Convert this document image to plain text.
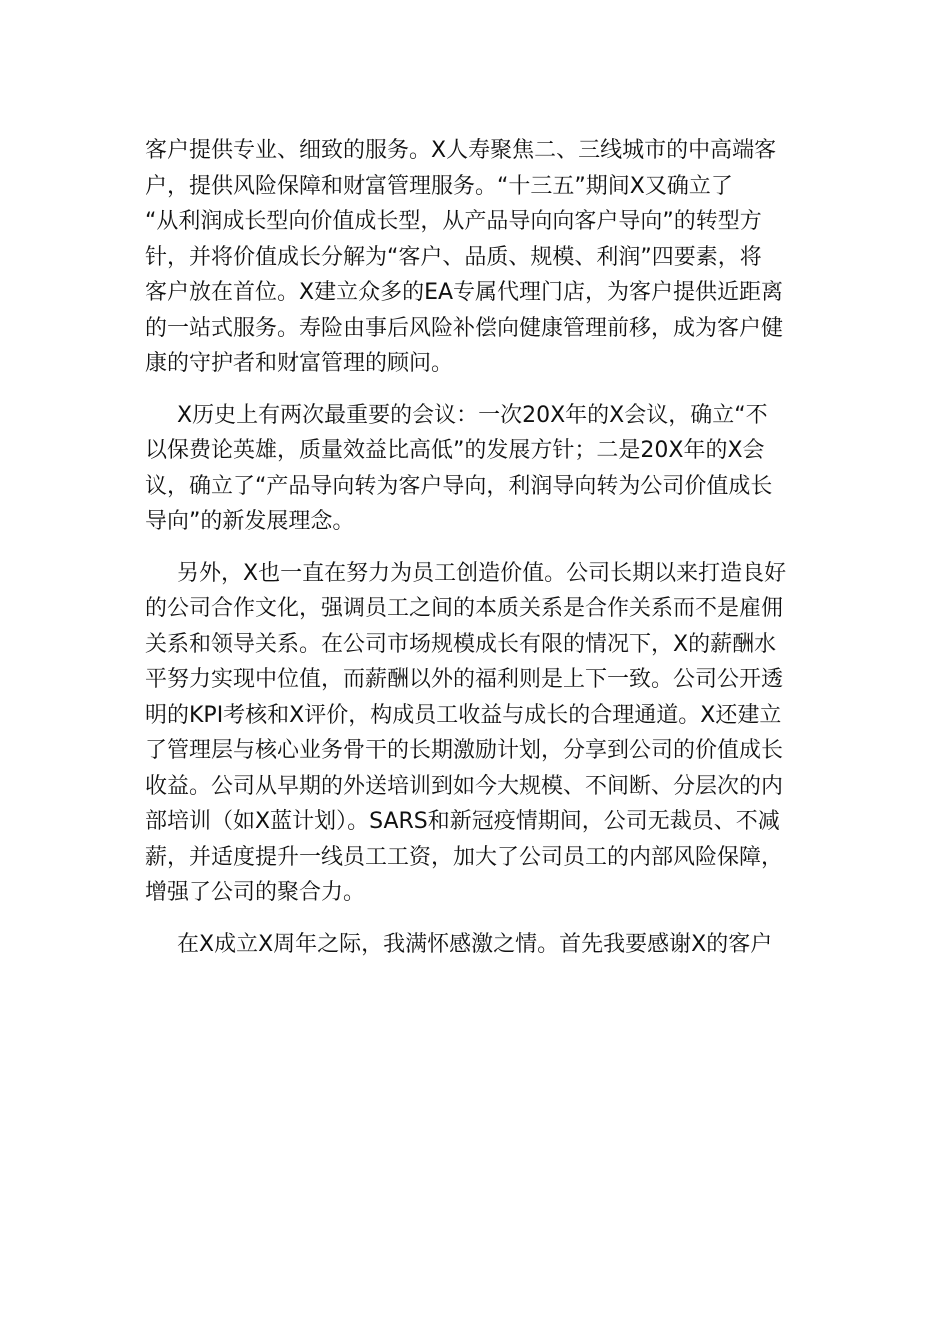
客户提供专业、细致的服务。X人寿聚焦二、三线城市的中高端客
户，提供风险保障和财富管理服务。“十三五”期间X又确立了
“从利润成长型向价值成长型，从产品导向向客户导向”的转型方
针，并将价值成长分解为“客户、品质、规模、利润”四要素，将
客户放在首位。X建立众多的EA专属代理门店，为客户提供近距离
的一站式服务。寿险由事后风险补偿向健康管理前移，成为客户健
康的守护者和财富管理的顾问。
X历史上有两次最重要的会议：一次20X年的X会议，确立“不
以保费论英雄，质量效益比高低”的发展方针；二是20X年的X会
议，确立了“产品导向转为客户导向，利润导向转为公司价值成长
导向”的新发展理念。
另外，X也一直在努力为员工创造价值。公司长期以来打造良好
的公司合作文化，强调员工之间的本质关系是合作关系而不是雇佣
关系和领导关系。在公司市场规模成长有限的情况下，X的薪酬水
平努力实现中位值，而薪酬以外的福利则是上下一致。公司公开透
明的KPI考核和X评价，构成员工收益与成长的合理通道。X还建立
了管理层与核心业务骨干的长期激励计划，分享到公司的价值成长
收益。公司从早期的外送培训到如今大规模、不间断、分层次的内
部培训（如X蓝计划）。SARS和新冠疫情期间，公司无裁员、不减
薪，并适度提升一线员工工资，加大了公司员工的内部风险保障，
增强了公司的聚合力。
在X成立X周年之际，我满怀感激之情。首先我要感谢X的客户
